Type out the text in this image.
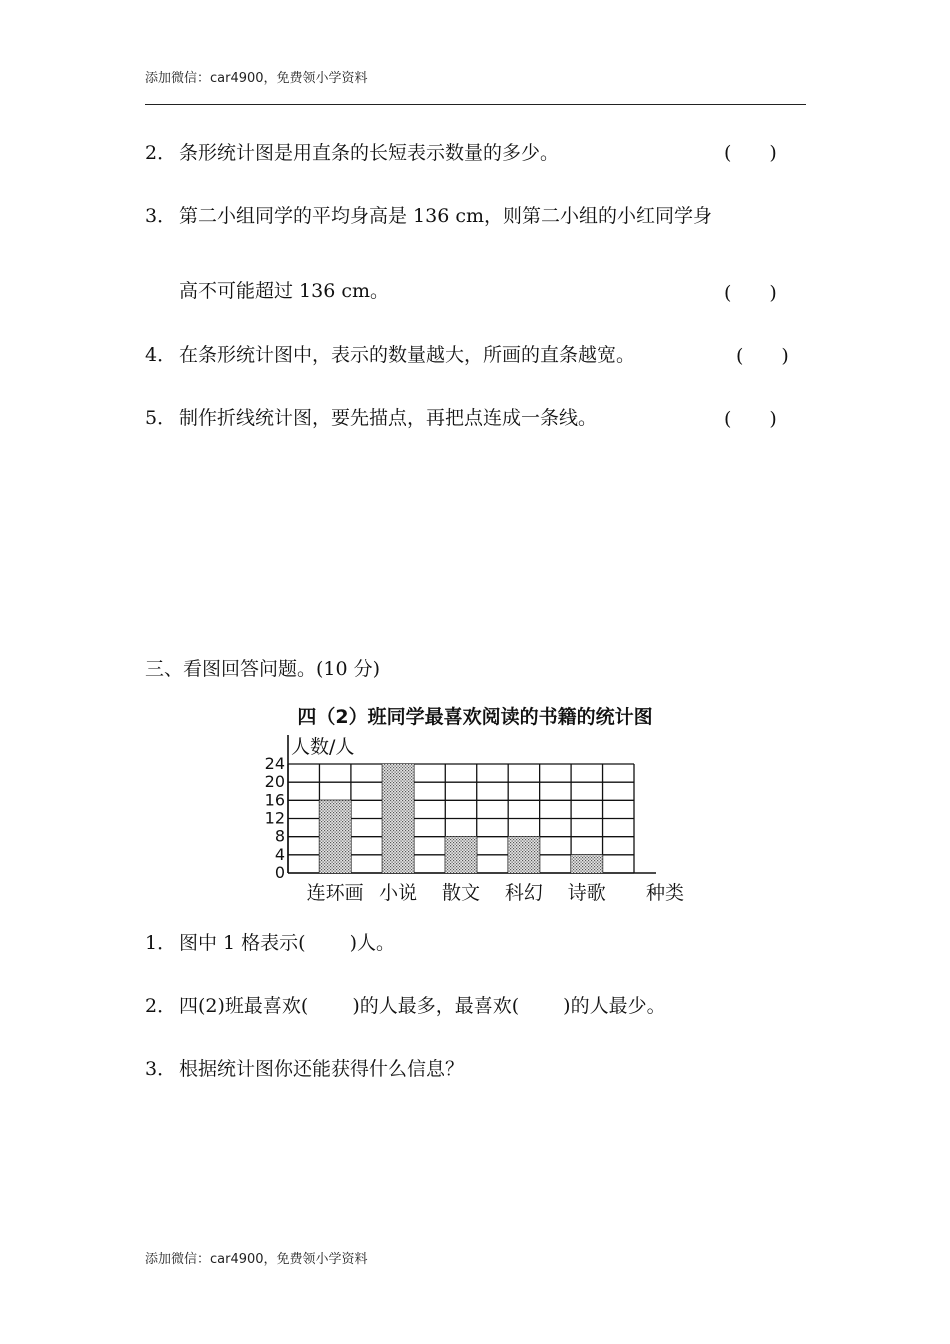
添加微信：car4900，免费领小学资料
2． 条形统计图是用直条的长短表示数量的多少。	(　　)
3． 第二小组同学的平均身高是 136 cm，则第二小组的小红同学身
高不可能超过 136 cm。	(　　)
4． 在条形统计图中，表示的数量越大，所画的直条越宽。	(　　)
5． 制作折线统计图，要先描点，再把点连成一条线。	(　　)
三、看图回答问题。(10 分)
四（2）班同学最喜欢阅读的书籍的统计图
人数/人
0
4
8
12
16
20
24
连环画 小说 散文 科幻 诗歌 种类
1． 图中 1 格表示( )人。
2． 四(2)班最喜欢( )的人最多，最喜欢( )的人最少。
3． 根据统计图你还能获得什么信息？
添加微信：car4900，免费领小学资料
